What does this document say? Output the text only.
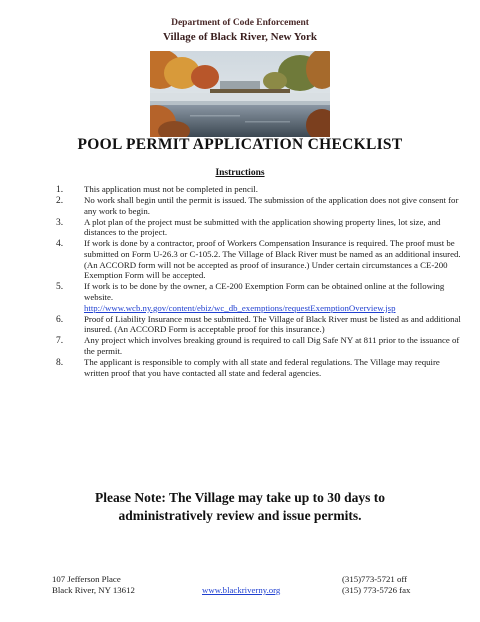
Department of Code Enforcement
Village of Black River, New York
POOL PERMIT APPLICATION CHECKLIST
Instructions
1. This application must not be completed in pencil.
2. No work shall begin until the permit is issued. The submission of the application does not give consent for any work to begin.
3. A plot plan of the project must be submitted with the application showing property lines, lot size, and distances to the project.
4. If work is done by a contractor, proof of Workers Compensation Insurance is required. The proof must be submitted on Form U-26.3 or C-105.2. The Village of Black River must be named as an additional insured. (An ACCORD form will not be accepted as proof of insurance.) Under certain circumstances a CE-200 Exemption Form will be accepted.
5. If work is to be done by the owner, a CE-200 Exemption Form can be obtained online at the following website.
http://www.wcb.ny.gov/content/ebiz/wc_db_exemptions/requestExemptionOverview.jsp
6. Proof of Liability Insurance must be submitted. The Village of Black River must be listed as and additional insured. (An ACCORD Form is acceptable proof for this insurance.)
7. Any project which involves breaking ground is required to call Dig Safe NY at 811 prior to the issuance of the permit.
8. The applicant is responsible to comply with all state and federal regulations. The Village may require written proof that you have contacted all state and federal agencies.
Please Note: The Village may take up to 30 days to
administratively review and issue permits.
107 Jefferson Place
Black River, NY 13612	www.blackriverny.org
(315)773-5721 off
(315) 773-5726 fax
